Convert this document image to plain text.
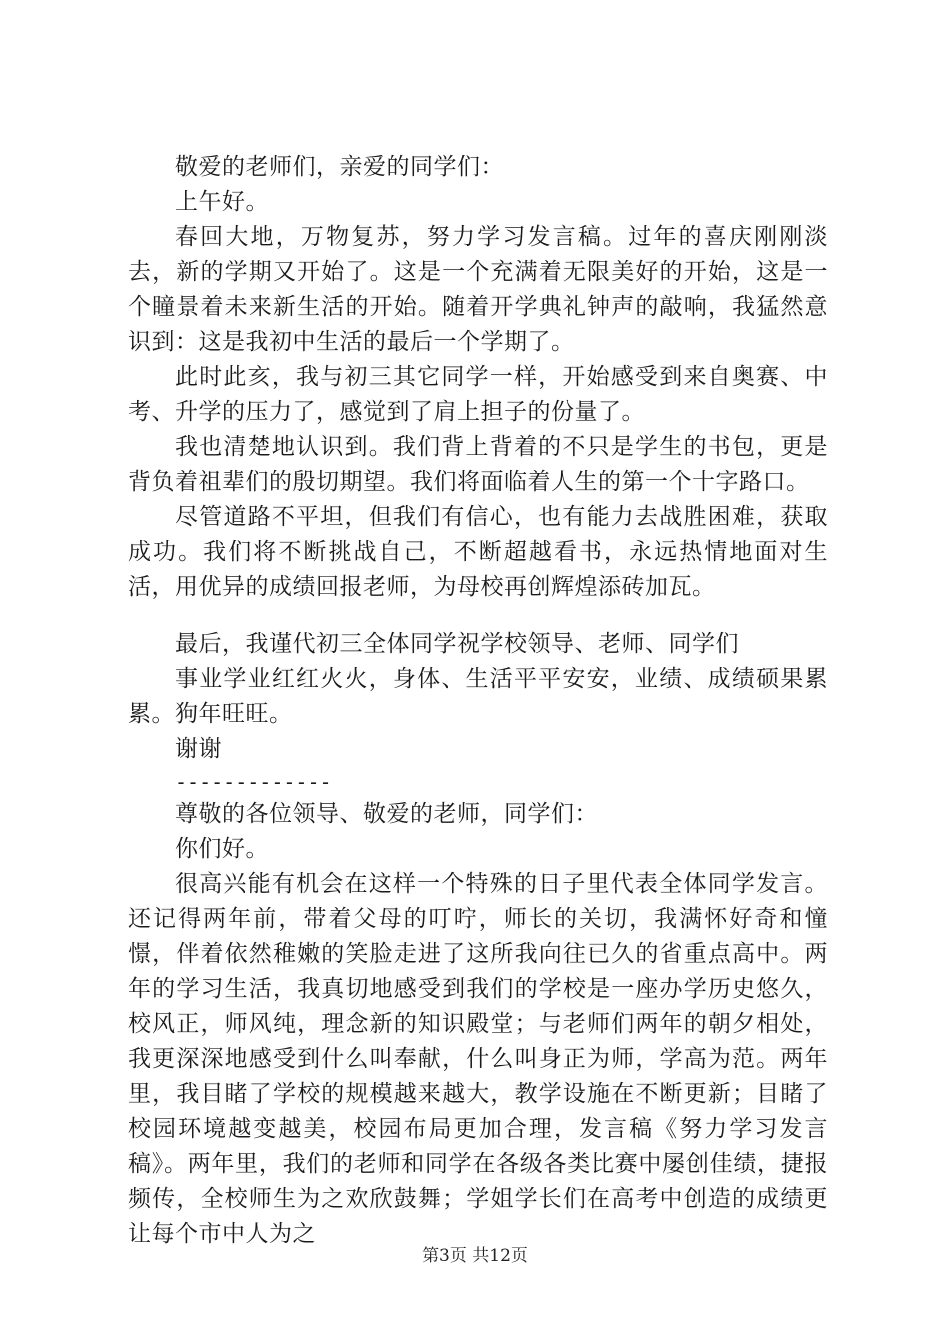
敬爱的老师们，亲爱的同学们：

上午好。

春回大地，万物复苏，努力学习发言稿。过年的喜庆刚刚淡去，新的学期又开始了。这是一个充满着无限美好的开始，这是一个瞳景着未来新生活的开始。随着开学典礼钟声的敲响，我猛然意识到：这是我初中生活的最后一个学期了。

此时此亥，我与初三其它同学一样，开始感受到来自奥赛、中考、升学的压力了，感觉到了肩上担子的份量了。

我也清楚地认识到。我们背上背着的不只是学生的书包，更是背负着祖辈们的殷切期望。我们将面临着人生的第一个十字路口。

尽管道路不平坦，但我们有信心，也有能力去战胜困难，获取成功。我们将不断挑战自己，不断超越看书，永远热情地面对生活，用优异的成绩回报老师，为母校再创辉煌添砖加瓦。

最后，我谨代初三全体同学祝学校领导、老师、同学们

事业学业红红火火，身体、生活平平安安，业绩、成绩硕果累累。狗年旺旺。

谢谢

-------------

尊敬的各位领导、敬爱的老师，同学们：

你们好。

很高兴能有机会在这样一个特殊的日子里代表全体同学发言。还记得两年前，带着父母的叮咛，师长的关切，我满怀好奇和憧憬，伴着依然稚嫩的笑脸走进了这所我向往已久的省重点高中。两年的学习生活，我真切地感受到我们的学校是一座办学历史悠久，校风正，师风纯，理念新的知识殿堂；与老师们两年的朝夕相处，我更深深地感受到什么叫奉献，什么叫身正为师，学高为范。两年里，我目睹了学校的规模越来越大，教学设施在不断更新；目睹了校园环境越变越美，校园布局更加合理，发言稿《努力学习发言稿》。两年里，我们的老师和同学在各级各类比赛中屡创佳绩，捷报频传，全校师生为之欢欣鼓舞；学姐学长们在高考中创造的成绩更让每个市中人为之

第3页 共12页
